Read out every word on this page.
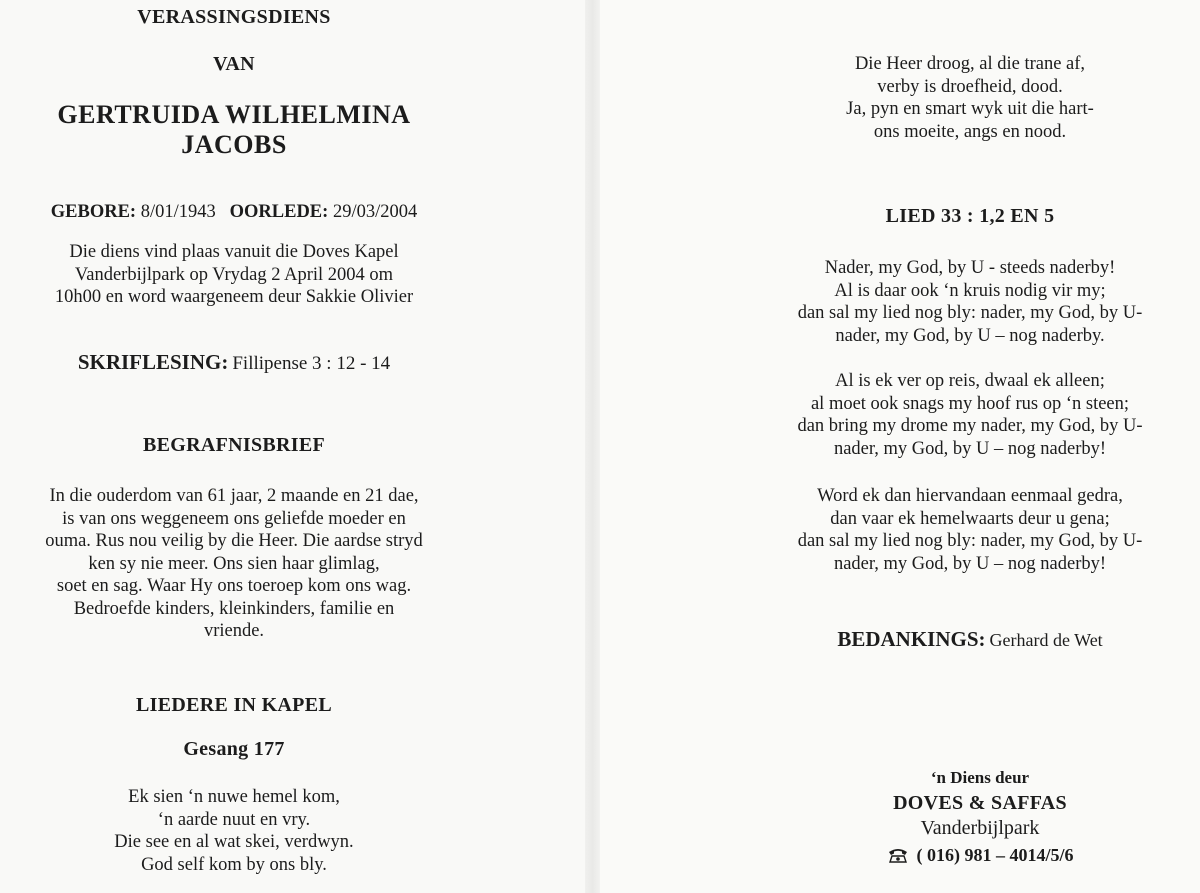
VERASSINGSDIENS
VAN
GERTRUIDA WILHELMINA
JACOBS
GEBORE: 8/01/1943 OORLEDE: 29/03/2004
Die diens vind plaas vanuit die Doves Kapel
Vanderbijlpark op Vrydag 2 April 2004 om
10h00 en word waargeneem deur Sakkie Olivier
SKRIFLESING: Fillipense 3 : 12 - 14
BEGRAFNISBRIEF
In die ouderdom van 61 jaar, 2 maande en 21 dae,
is van ons weggeneem ons geliefde moeder en
ouma. Rus nou veilig by die Heer. Die aardse stryd
ken sy nie meer. Ons sien haar glimlag,
soet en sag. Waar Hy ons toeroep kom ons wag.
Bedroefde kinders, kleinkinders, familie en
vriende.
LIEDERE IN KAPEL
Gesang 177
Ek sien ‘n nuwe hemel kom,
‘n aarde nuut en vry.
Die see en al wat skei, verdwyn.
God self kom by ons bly.
Die Heer droog, al die trane af,
verby is droefheid, dood.
Ja, pyn en smart wyk uit die hart-
ons moeite, angs en nood.
LIED 33 : 1,2 EN 5
Nader, my God, by U - steeds naderby!
Al is daar ook ‘n kruis nodig vir my;
dan sal my lied nog bly: nader, my God, by U-
nader, my God, by U – nog naderby.
Al is ek ver op reis, dwaal ek alleen;
al moet ook snags my hoof rus op ‘n steen;
dan bring my drome my nader, my God, by U-
nader, my God, by U – nog naderby!
Word ek dan hiervandaan eenmaal gedra,
dan vaar ek hemelwaarts deur u gena;
dan sal my lied nog bly: nader, my God, by U-
nader, my God, by U – nog naderby!
BEDANKINGS: Gerhard de Wet
‘n Diens deur
DOVES & SAFFAS
Vanderbijlpark
( 016) 981 – 4014/5/6
